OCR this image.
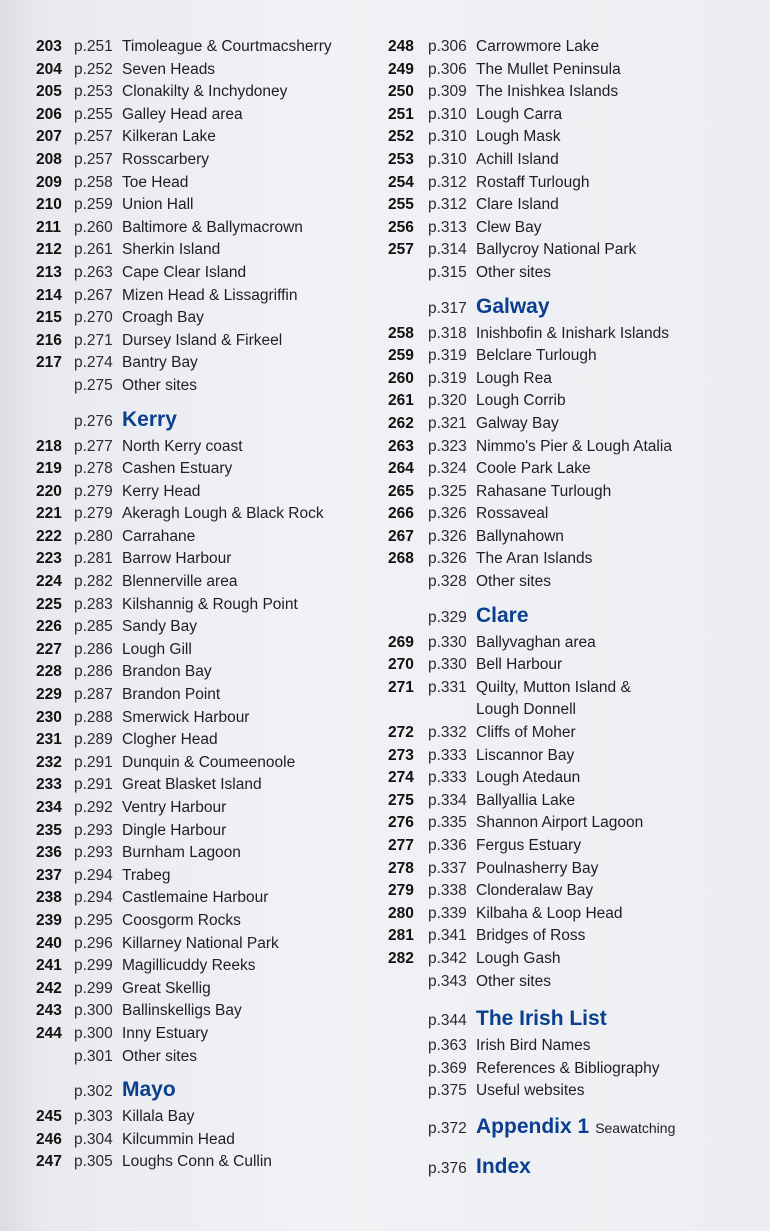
203 p.251 Timoleague & Courtmacsherry
204 p.252 Seven Heads
205 p.253 Clonakilty & Inchydoney
206 p.255 Galley Head area
207 p.257 Kilkeran Lake
208 p.257 Rosscarbery
209 p.258 Toe Head
210 p.259 Union Hall
211 p.260 Baltimore & Ballymacrown
212 p.261 Sherkin Island
213 p.263 Cape Clear Island
214 p.267 Mizen Head & Lissagriffin
215 p.270 Croagh Bay
216 p.271 Dursey Island & Firkeel
217 p.274 Bantry Bay
p.275 Other sites
p.276 Kerry
218 p.277 North Kerry coast
219 p.278 Cashen Estuary
220 p.279 Kerry Head
221 p.279 Akeragh Lough & Black Rock
222 p.280 Carrahane
223 p.281 Barrow Harbour
224 p.282 Blennerville area
225 p.283 Kilshannig & Rough Point
226 p.285 Sandy Bay
227 p.286 Lough Gill
228 p.286 Brandon Bay
229 p.287 Brandon Point
230 p.288 Smerwick Harbour
231 p.289 Clogher Head
232 p.291 Dunquin & Coumeenoole
233 p.291 Great Blasket Island
234 p.292 Ventry Harbour
235 p.293 Dingle Harbour
236 p.293 Burnham Lagoon
237 p.294 Trabeg
238 p.294 Castlemaine Harbour
239 p.295 Coosgorm Rocks
240 p.296 Killarney National Park
241 p.299 Magillicuddy Reeks
242 p.299 Great Skellig
243 p.300 Ballinskelligs Bay
244 p.300 Inny Estuary
p.301 Other sites
p.302 Mayo
245 p.303 Killala Bay
246 p.304 Kilcummin Head
247 p.305 Loughs Conn & Cullin
248 p.306 Carrowmore Lake
249 p.306 The Mullet Peninsula
250 p.309 The Inishkea Islands
251 p.310 Lough Carra
252 p.310 Lough Mask
253 p.310 Achill Island
254 p.312 Rostaff Turlough
255 p.312 Clare Island
256 p.313 Clew Bay
257 p.314 Ballycroy National Park
p.315 Other sites
p.317 Galway
258 p.318 Inishbofin & Inishark Islands
259 p.319 Belclare Turlough
260 p.319 Lough Rea
261 p.320 Lough Corrib
262 p.321 Galway Bay
263 p.323 Nimmo's Pier & Lough Atalia
264 p.324 Coole Park Lake
265 p.325 Rahasane Turlough
266 p.326 Rossaveal
267 p.326 Ballynahown
268 p.326 The Aran Islands
p.328 Other sites
p.329 Clare
269 p.330 Ballyvaghan area
270 p.330 Bell Harbour
271 p.331 Quilty, Mutton Island &
Lough Donnell
272 p.332 Cliffs of Moher
273 p.333 Liscannor Bay
274 p.333 Lough Atedaun
275 p.334 Ballyallia Lake
276 p.335 Shannon Airport Lagoon
277 p.336 Fergus Estuary
278 p.337 Poulnasherry Bay
279 p.338 Clonderalaw Bay
280 p.339 Kilbaha & Loop Head
281 p.341 Bridges of Ross
282 p.342 Lough Gash
p.343 Other sites
p.344 The Irish List
p.363 Irish Bird Names
p.369 References & Bibliography
p.375 Useful websites
p.372 Appendix 1 Seawatching
p.376 Index
